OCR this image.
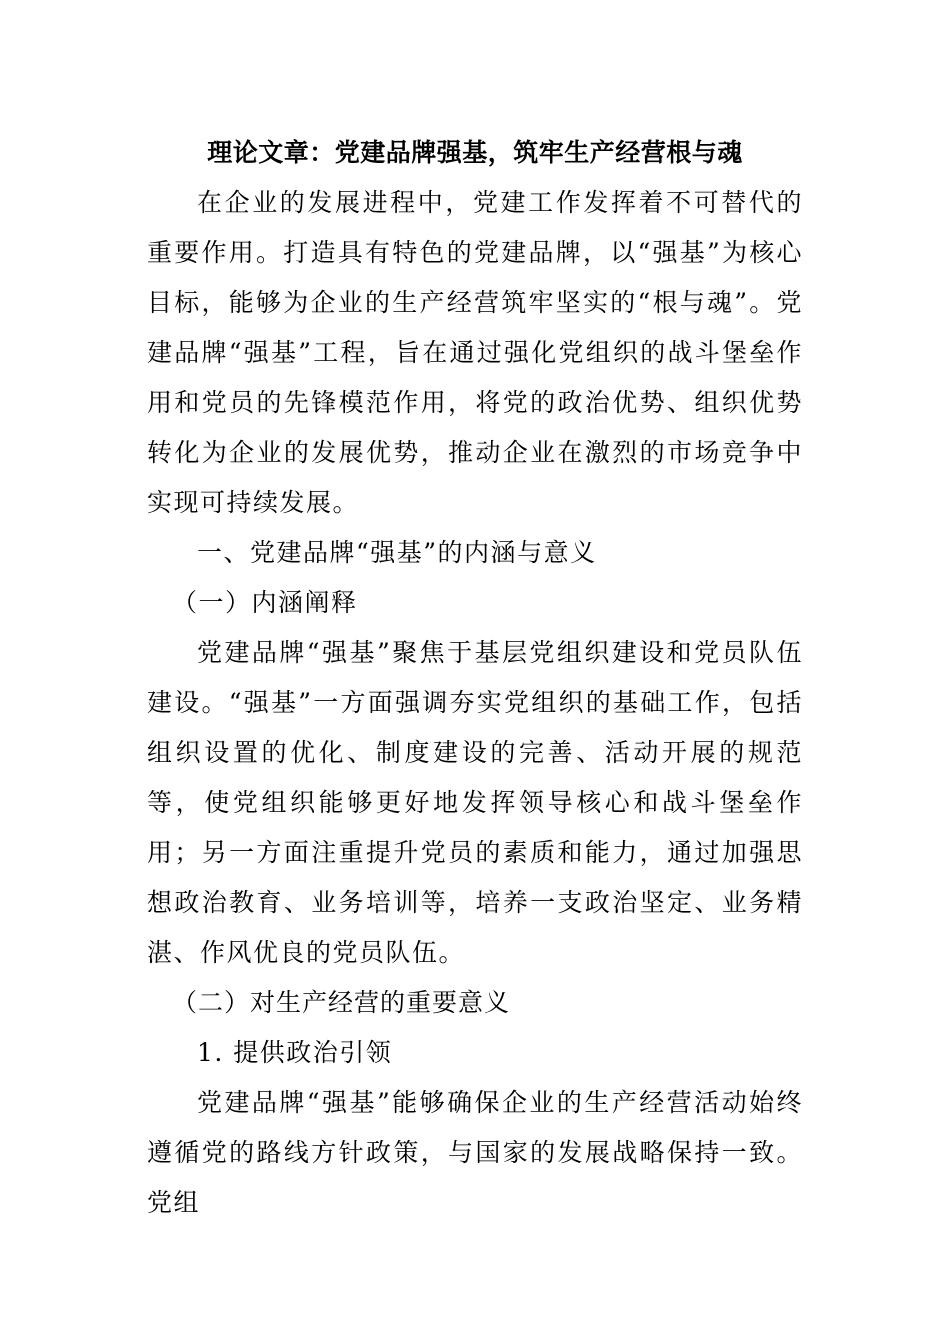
理论文章：党建品牌强基，筑牢生产经营根与魂

在企业的发展进程中，党建工作发挥着不可替代的重要作用。打造具有特色的党建品牌，以“强基”为核心目标，能够为企业的生产经营筑牢坚实的“根与魂”。党建品牌“强基”工程，旨在通过强化党组织的战斗堡垒作用和党员的先锋模范作用，将党的政治优势、组织优势转化为企业的发展优势，推动企业在激烈的市场竞争中实现可持续发展。

一、党建品牌“强基”的内涵与意义

（一）内涵阐释

党建品牌“强基”聚焦于基层党组织建设和党员队伍建设。“强基”一方面强调夯实党组织的基础工作，包括组织设置的优化、制度建设的完善、活动开展的规范等，使党组织能够更好地发挥领导核心和战斗堡垒作用；另一方面注重提升党员的素质和能力，通过加强思想政治教育、业务培训等，培养一支政治坚定、业务精湛、作风优良的党员队伍。

（二）对生产经营的重要意义

1. 提供政治引领

党建品牌“强基”能够确保企业的生产经营活动始终遵循党的路线方针政策，与国家的发展战略保持一致。党组
